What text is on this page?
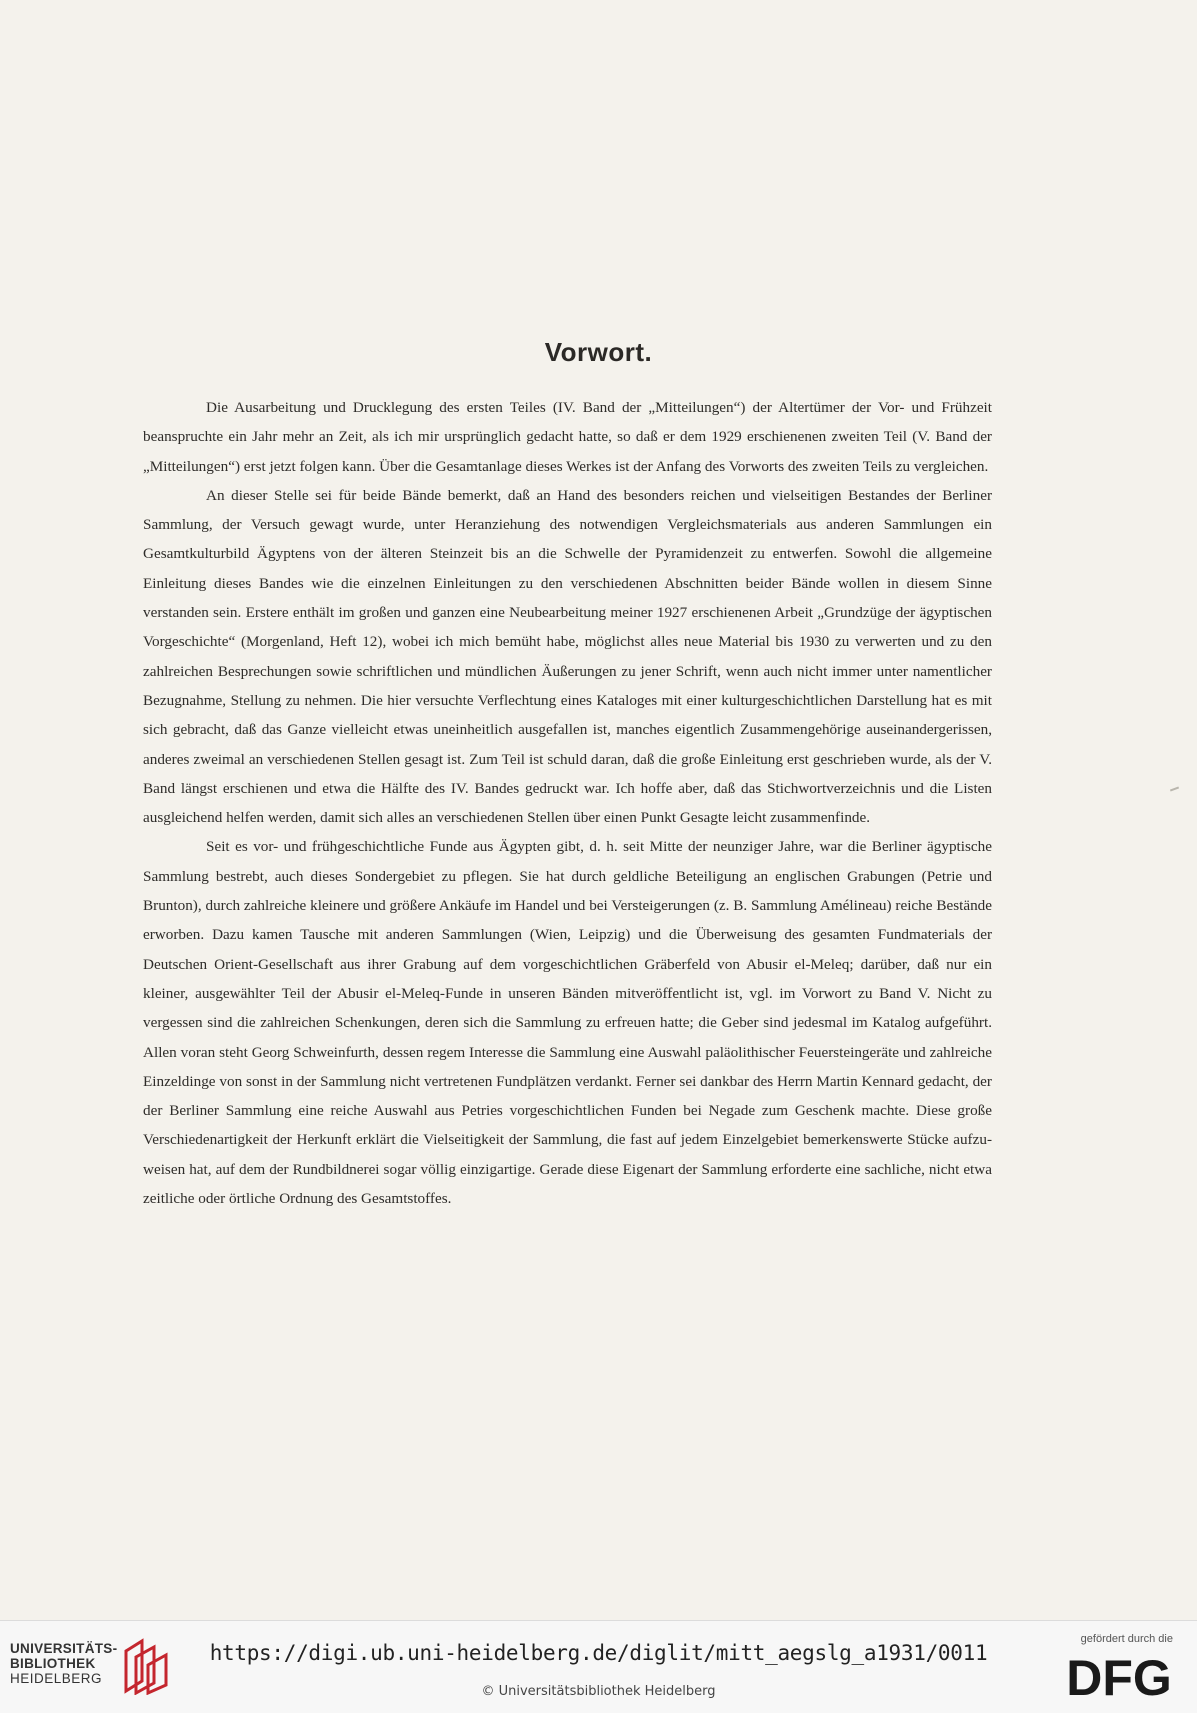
Vorwort.

Die Ausarbeitung und Drucklegung des ersten Teiles (IV. Band der „Mitteilungen“) der Altertümer der Vor- und Frühzeit beanspruchte ein Jahr mehr an Zeit, als ich mir ursprünglich gedacht hatte, so daß er dem 1929 erschienenen zweiten Teil (V. Band der „Mitteilungen“) erst jetzt folgen kann. Über die Gesamtanlage dieses Werkes ist der Anfang des Vorworts des zweiten Teils zu vergleichen.

An dieser Stelle sei für beide Bände bemerkt, daß an Hand des besonders reichen und vielseitigen Bestandes der Berliner Sammlung, der Versuch gewagt wurde, unter Heranziehung des notwendigen Vergleichsmaterials aus anderen Sammlungen ein Gesamtkulturbild Ägyptens von der älteren Steinzeit bis an die Schwelle der Pyramidenzeit zu entwerfen. Sowohl die allgemeine Einleitung dieses Bandes wie die einzelnen Einleitungen zu den verschiedenen Abschnitten beider Bände wollen in diesem Sinne verstanden sein. Erstere enthält im großen und ganzen eine Neubearbeitung meiner 1927 erschienenen Arbeit „Grundzüge der ägyptischen Vorgeschichte“ (Morgenland, Heft 12), wobei ich mich bemüht habe, möglichst alles neue Material bis 1930 zu verwerten und zu den zahlreichen Besprechungen sowie schriftlichen und mündlichen Äußerungen zu jener Schrift, wenn auch nicht immer unter namentlicher Bezugnahme, Stellung zu nehmen. Die hier versuchte Verflechtung eines Kataloges mit einer kulturgeschichtlichen Darstellung hat es mit sich gebracht, daß das Ganze vielleicht etwas uneinheitlich ausgefallen ist, manches eigentlich Zusammengehörige auseinandergerissen, anderes zweimal an verschiedenen Stellen gesagt ist. Zum Teil ist schuld daran, daß die große Einleitung erst geschrieben wurde, als der V. Band längst erschienen und etwa die Hälfte des IV. Bandes gedruckt war. Ich hoffe aber, daß das Stichwortverzeichnis und die Listen ausgleichend helfen werden, damit sich alles an verschiedenen Stellen über einen Punkt Gesagte leicht zusammenfinde.

Seit es vor- und frühgeschichtliche Funde aus Ägypten gibt, d. h. seit Mitte der neunziger Jahre, war die Berliner ägyptische Sammlung bestrebt, auch dieses Sondergebiet zu pflegen. Sie hat durch geldliche Beteiligung an englischen Grabungen (Petrie und Brunton), durch zahlreiche kleinere und größere Ankäufe im Handel und bei Versteigerungen (z. B. Sammlung Amélineau) reiche Bestände erworben. Dazu kamen Tausche mit anderen Sammlungen (Wien, Leipzig) und die Überweisung des gesamten Fundmaterials der Deutschen Orient-Gesellschaft aus ihrer Grabung auf dem vorgeschichtlichen Gräberfeld von Abusir el-Meleq; darüber, daß nur ein kleiner, ausgewählter Teil der Abusir el-Meleq-Funde in unseren Bänden mitveröffentlicht ist, vgl. im Vorwort zu Band V. Nicht zu vergessen sind die zahlreichen Schenkungen, deren sich die Sammlung zu erfreuen hatte; die Geber sind jedesmal im Katalog aufgeführt. Allen voran steht Georg Schweinfurth, dessen regem Interesse die Sammlung eine Auswahl paläolithischer Feuersteingeräte und zahlreiche Einzeldinge von sonst in der Sammlung nicht vertretenen Fundplätzen verdankt. Ferner sei dankbar des Herrn Martin Kennard gedacht, der der Berliner Sammlung eine reiche Auswahl aus Petries vorgeschichtlichen Funden bei Negade zum Geschenk machte. Diese große Verschiedenartigkeit der Herkunft erklärt die Vielseitigkeit der Sammlung, die fast auf jedem Einzelgebiet bemerkenswerte Stücke aufzuweisen hat, auf dem der Rundbildnerei sogar völlig einzigartige. Gerade diese Eigenart der Sammlung erforderte eine sachliche, nicht etwa zeitliche oder örtliche Ordnung des Gesamtstoffes.

UNIVERSITÄTS-
BIBLIOTHEK
HEIDELBERG
https://digi.ub.uni-heidelberg.de/diglit/mitt_aegslg_a1931/0011
© Universitätsbibliothek Heidelberg
gefördert durch die
DFG
